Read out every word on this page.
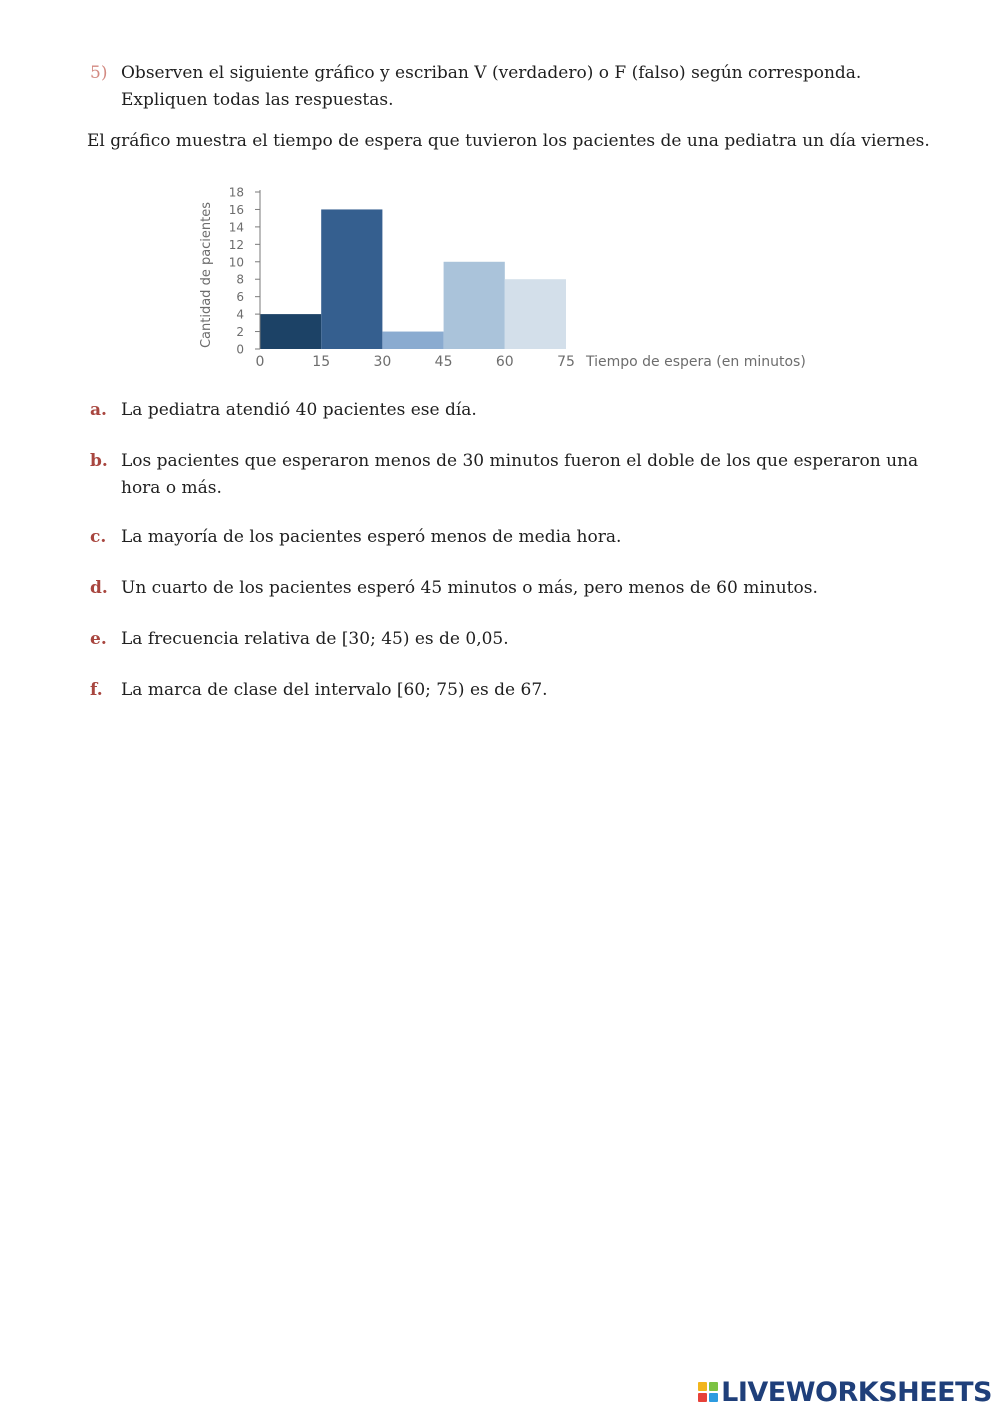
5) Observen el siguiente gráfico y escriban V (verdadero) o F (falso) según corresponda. Expliquen todas las respuestas.
El gráfico muestra el tiempo de espera que tuvieron los pacientes de una pediatra un día viernes.
0
2
4
6
8
10
12
14
16
18
0	15	30	45	60	75
Cantidad de pacientes
Tiempo de espera (en minutos)
a. La pediatra atendió 40 pacientes ese día.
b. Los pacientes que esperaron menos de 30 minutos fueron el doble de los que esperaron una hora o más.
c. La mayoría de los pacientes esperó menos de media hora.
d. Un cuarto de los pacientes esperó 45 minutos o más, pero menos de 60 minutos.
e. La frecuencia relativa de [30; 45) es de 0,05.
f. La marca de clase del intervalo [60; 75) es de 67.
LIVEWORKSHEETS
